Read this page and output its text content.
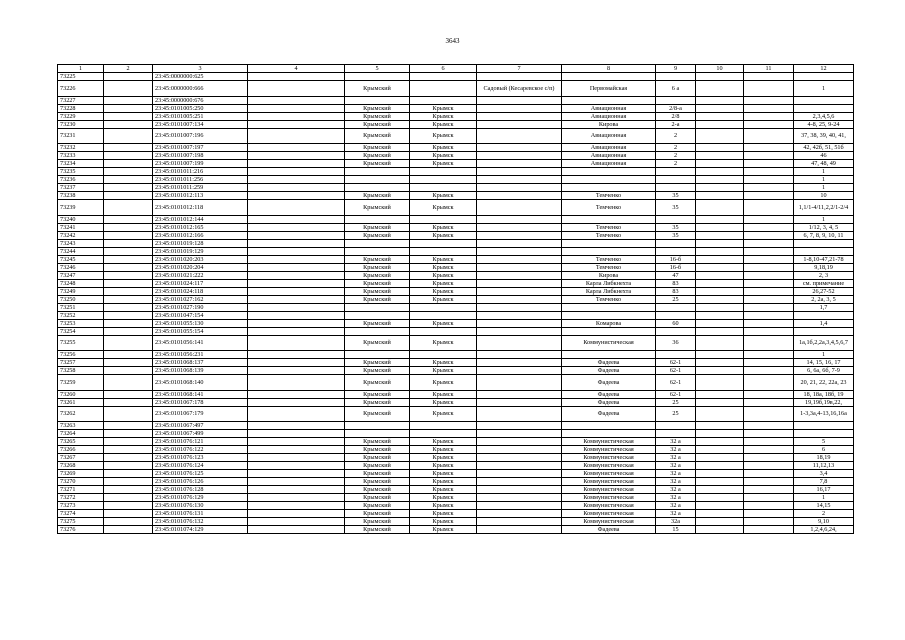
3643
1	2	3	4	5	6	7	8	9	10	11	12
73225		23:45:0000000:625									
73226		23:45:0000000:666		Крымский		Садовый (Кесаревское с/п)	Первомайская	6 а			1
73227		23:45:0000000:676									
73228		23:45:0101005:250		Крымский	Крымск		Авиационная	2/8-а			
73229		23:45:0101005:251		Крымский	Крымск		Авиационная	2/8			2,3,4,5,6
73230		23:45:0101007:134		Крымский	Крымск		Кирова	2-а			4-8, 25, 9-24
73231		23:45:0101007:196		Крымский	Крымск		Авиационная	2			37, 38, 39, 40, 41,
73232		23:45:0101007:197		Крымский	Крымск		Авиационная	2			42, 42б, 51, 51б
73233		23:45:0101007:198		Крымский	Крымск		Авиационная	2			46
73234		23:45:0101007:199		Крымский	Крымск		Авиационная	2			47, 48, 49
73235		23:45:0101011:216									1
73236		23:45:0101011:256									1
73237		23:45:0101011:259									1
73238		23:45:0101012:113		Крымский	Крымск		Темченко	35			10
73239		23:45:0101012:118		Крымский	Крымск		Темченко	35			1,1/1-4/11,2,2/1-2/4
73240		23:45:0101012:144									1
73241		23:45:0101012:165		Крымский	Крымск		Темченко	35			1/12, 3, 4, 5
73242		23:45:0101012:166		Крымский	Крымск		Темченко	35			6, 7, 8, 9, 10, 11
73243		23:45:0101019:128									
73244		23:45:0101019:129									
73245		23:45:0101020:203		Крымский	Крымск		Темченко	16-б			1-8,10-47,21-78
73246		23:45:0101020:204		Крымский	Крымск		Темченко	16-б			9,18,19
73247		23:45:0101021:222		Крымский	Крымск		Кирова	47			2, 3
73248		23:45:0101024:117		Крымский	Крымск		Карла Либкнехта	83			см. примечание
73249		23:45:0101024:118		Крымский	Крымск		Карла Либкнехта	83			26,27-52
73250		23:45:0101027:162		Крымский	Крымск		Темченко	25			2, 2а, 3, 5
73251		23:45:0101027:190									1,7
73252		23:45:0101047:154									
73253		23:45:0101055:130		Крымский	Крымск		Комарова	60			1,4
73254		23:45:0101055:154									
73255		23:45:0101056:141		Крымский	Крымск		Коммунистическая	36			1а,1б,2,2а,3,4,5,6,7
73256		23:45:0101056:231									1
73257		23:45:0101068:137		Крымский	Крымск		Фадеева	62-1			14, 15, 16, 17
73258		23:45:0101068:139		Крымский	Крымск		Фадеева	62-1			6, 6а, 6б, 7-9
73259		23:45:0101068:140		Крымский	Крымск		Фадеева	62-1			20, 21, 22, 22а, 23
73260		23:45:0101068:141		Крымский	Крымск		Фадеева	62-1			18, 18а, 18б, 19
73261		23:45:0101067:178		Крымский	Крымск		Фадеева	25			19,19б,19в,22,
73262		23:45:0101067:179		Крымский	Крымск		Фадеева	25			1-3,3а,4-13,16,16а
73263		23:45:0101067:497									
73264		23:45:0101067:499									
73265		23:45:0101076:121		Крымский	Крымск		Коммунистическая	32 а			5
73266		23:45:0101076:122		Крымский	Крымск		Коммунистическая	32 а			6
73267		23:45:0101076:123		Крымский	Крымск		Коммунистическая	32 а			18,19
73268		23:45:0101076:124		Крымский	Крымск		Коммунистическая	32 а			11,12,13
73269		23:45:0101076:125		Крымский	Крымск		Коммунистическая	32 а			3,4
73270		23:45:0101076:126		Крымский	Крымск		Коммунистическая	32 а			7,8
73271		23:45:0101076:128		Крымский	Крымск		Коммунистическая	32 а			16,17
73272		23:45:0101076:129		Крымский	Крымск		Коммунистическая	32 а			1
73273		23:45:0101076:130		Крымский	Крымск		Коммунистическая	32 а			14,15
73274		23:45:0101076:131		Крымский	Крымск		Коммунистическая	32 а			2
73275		23:45:0101076:132		Крымский	Крымск		Коммунистическая	32а			9,10
73276		23:45:0101074:129		Крымский	Крымск		Фадеева	15			1,2,4,6,24,
